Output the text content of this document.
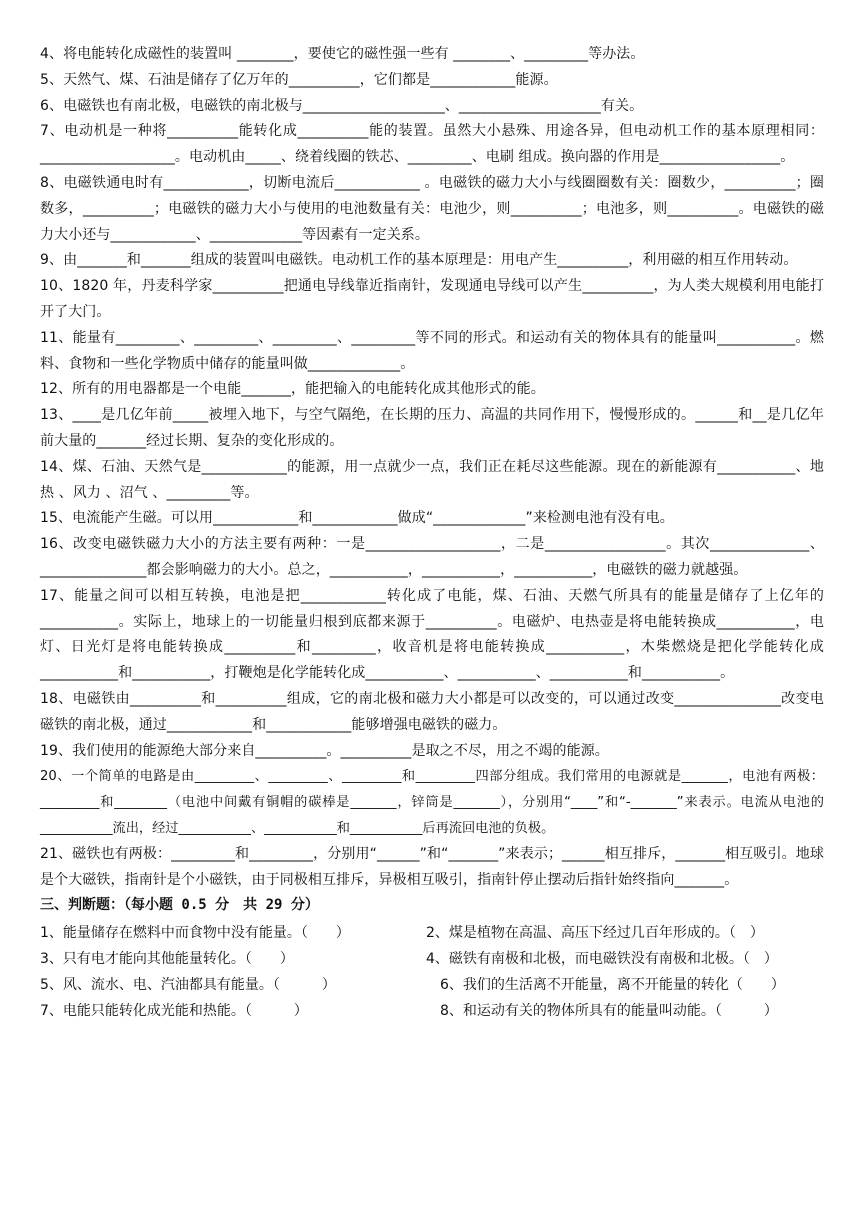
4、将电能转化成磁性的装置叫 ________，要使它的磁性强一些有 ________、_________等办法。

5、天然气、煤、石油是储存了亿万年的__________，它们都是____________能源。

6、电磁铁也有南北极，电磁铁的南北极与____________________、____________________有关。

7、电动机是一种将__________能转化成__________能的装置。虽然大小悬殊、用途各异，但电动机工作的基本原理相同：___________________。电动机由_____、绕着线圈的铁芯、_________、电刷 组成。换向器的作用是_________________。

8、电磁铁通电时有____________，切断电流后____________ 。电磁铁的磁力大小与线圈圈数有关：圈数少，__________；圈数多，__________；电磁铁的磁力大小与使用的电池数量有关：电池少，则__________；电池多，则__________。电磁铁的磁力大小还与____________、_____________等因素有一定关系。

9、由_______和_______组成的装置叫电磁铁。电动机工作的基本原理是：用电产生__________，利用磁的相互作用转动。

10、1820 年，丹麦科学家__________把通电导线靠近指南针，发现通电导线可以产生__________，为人类大规模利用电能打开了大门。

11、能量有_________、_________、_________、_________等不同的形式。和运动有关的物体具有的能量叫___________。燃料、食物和一些化学物质中储存的能量叫做_____________。

12、所有的用电器都是一个电能_______，能把输入的电能转化成其他形式的能。

13、____是几亿年前_____被埋入地下，与空气隔绝，在长期的压力、高温的共同作用下，慢慢形成的。______和__是几亿年前大量的_______经过长期、复杂的变化形成的。

14、煤、石油、天然气是____________的能源，用一点就少一点，我们正在耗尽这些能源。现在的新能源有___________、地热 、风力 、沼气 、_________等。

15、电流能产生磁。可以用____________和____________做成“_____________”来检测电池有没有电。

16、改变电磁铁磁力大小的方法主要有两种：一是___________________，二是_________________。其次______________、_______________都会影响磁力的大小。总之，___________，___________，___________，电磁铁的磁力就越强。

17、能量之间可以相互转换，电池是把____________转化成了电能，煤、石油、天燃气所具有的能量是储存了上亿年的___________。实际上，地球上的一切能量归根到底都来源于__________。电磁炉、电热壶是将电能转换成___________，电灯、日光灯是将电能转换成__________和_________，收音机是将电能转换成___________，木柴燃烧是把化学能转化成___________和___________，打鞭炮是化学能转化成___________、___________、___________和___________。

18、电磁铁由__________和__________组成，它的南北极和磁力大小都是可以改变的，可以通过改变_______________改变电磁铁的南北极，通过____________和____________能够增强电磁铁的磁力。

19、我们使用的能源绝大部分来自__________。__________是取之不尽，用之不竭的能源。

20、一个简单的电路是由_________、_________、_________和_________四部分组成。我们常用的电源就是_______，电池有两极：_________和________（电池中间戴有铜帽的碳棒是_______，锌筒是_______），分别用“____”和“-_______”来表示。电流从电池的___________流出，经过___________、___________和___________后再流回电池的负极。

21、磁铁也有两极：_________和_________，分别用“______”和“_______”来表示；______相互排斥，_______相互吸引。地球是个大磁铁，指南针是个小磁铁，由于同极相互排斥，异极相互吸引，指南针停止摆动后指针始终指向_______。

三、判断题：（每小题 0.5 分　共 29 分）

1、能量储存在燃料中而食物中没有能量。（　　）	2、煤是植物在高温、高压下经过几百年形成的。（　）
3、只有电才能向其他能量转化。（　　）	4、磁铁有南极和北极，而电磁铁没有南极和北极。（　）
5、风、流水、电、汽油都具有能量。（　　　）	　6、我们的生活离不开能量，离不开能量的转化（　　）
7、电能只能转化成光能和热能。（　　　）	　8、和运动有关的物体所具有的能量叫动能。（　　　）
